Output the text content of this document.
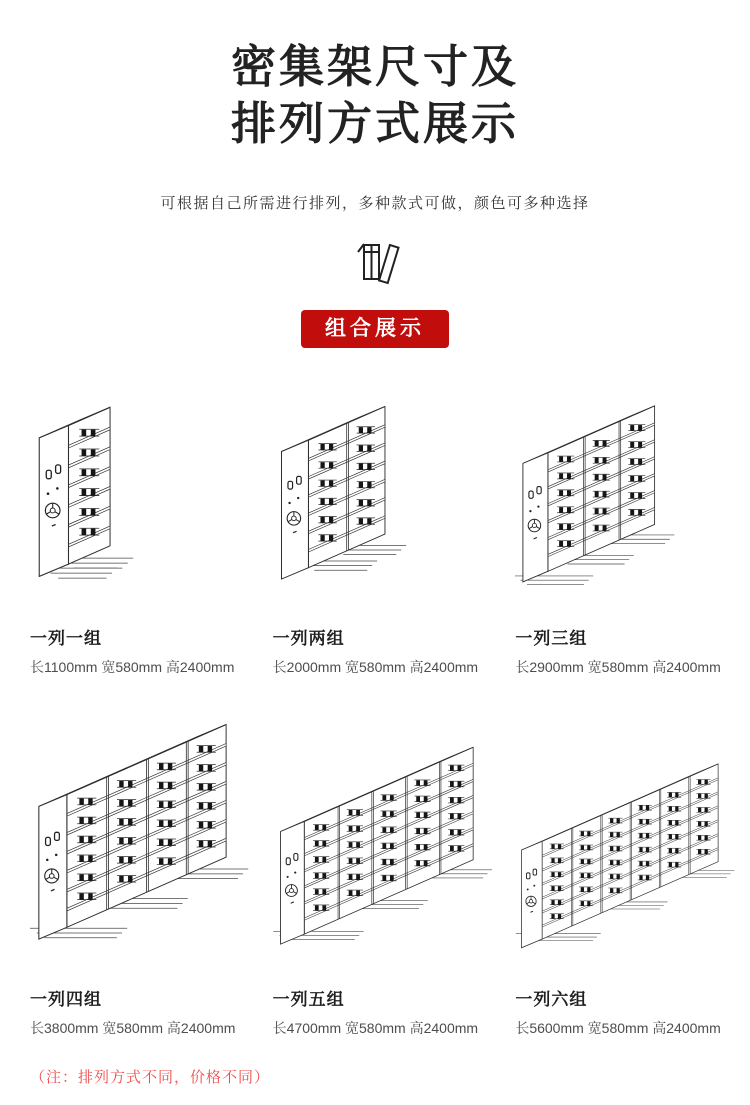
密集架尺寸及
排列方式展示
可根据自己所需进行排列，多种款式可做，颜色可多种选择
组合展示
一列一组
长1100mm 宽580mm 高2400mm
一列两组
长2000mm 宽580mm 高2400mm
一列三组
长2900mm 宽580mm 高2400mm
一列四组
长3800mm 宽580mm 高2400mm
一列五组
长4700mm 宽580mm 高2400mm
一列六组
长5600mm 宽580mm 高2400mm
（注：排列方式不同，价格不同）
